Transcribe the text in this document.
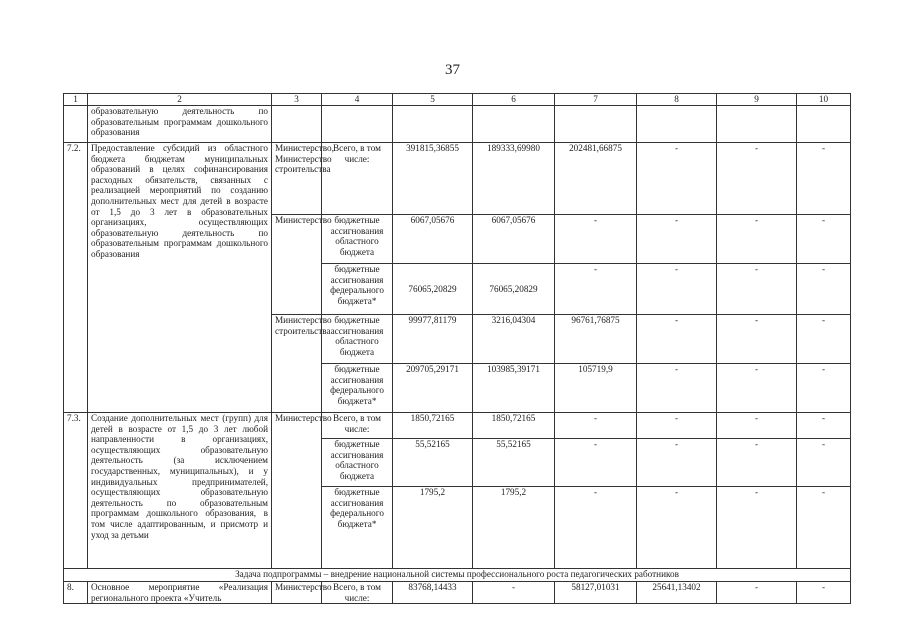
37
1	2	3	4	5	6	7	8	9	10
	образовательную деятельность по образовательным программам дошкольного образования								
7.2.	Предоставление субсидий из областного бюджета бюджетам муниципальных образований в целях софинансирования расходных обязательств, связанных с реализацией мероприятий по созданию дополнительных мест для детей в возрасте от 1,5 до 3 лет в образовательных организациях, осуществляющих образовательную деятельность по образовательным программам дошкольного образования	Министерство, Министерство строительства	Всего, в том числе:	391815,36855	189333,69980	202481,66875	-	-	-
		Министерство	бюджетные ассигнования областного бюджета	6067,05676	6067,05676	-	-	-	-
			бюджетные ассигнования федерального бюджета*	76065,20829	76065,20829	-	-	-	-
		Министерство строительства	бюджетные ассигнования областного бюджета	99977,81179	3216,04304	96761,76875	-	-	-
			бюджетные ассигнования федерального бюджета*	209705,29171	103985,39171	105719,9	-	-	-
7.3.	Создание дополнительных мест (групп) для детей в возрасте от 1,5 до 3 лет любой направленности в организациях, осуществляющих образовательную деятельность (за исключением государственных, муниципальных), и у индивидуальных предпринимателей, осуществляющих образовательную деятельность по образовательным программам дошкольного образования, в том числе адаптированным, и присмотр и уход за детьми	Министерство	Всего, в том числе:	1850,72165	1850,72165	-	-	-	-
			бюджетные ассигнования областного бюджета	55,52165	55,52165	-	-	-	-
			бюджетные ассигнования федерального бюджета*	1795,2	1795,2	-	-	-	-
Задача подпрограммы – внедрение национальной системы профессионального роста педагогических работников									
8.	Основное мероприятие «Реализация регионального проекта «Учитель	Министерство	Всего, в том числе:	83768,14433	-	58127,01031	25641,13402	-	-
